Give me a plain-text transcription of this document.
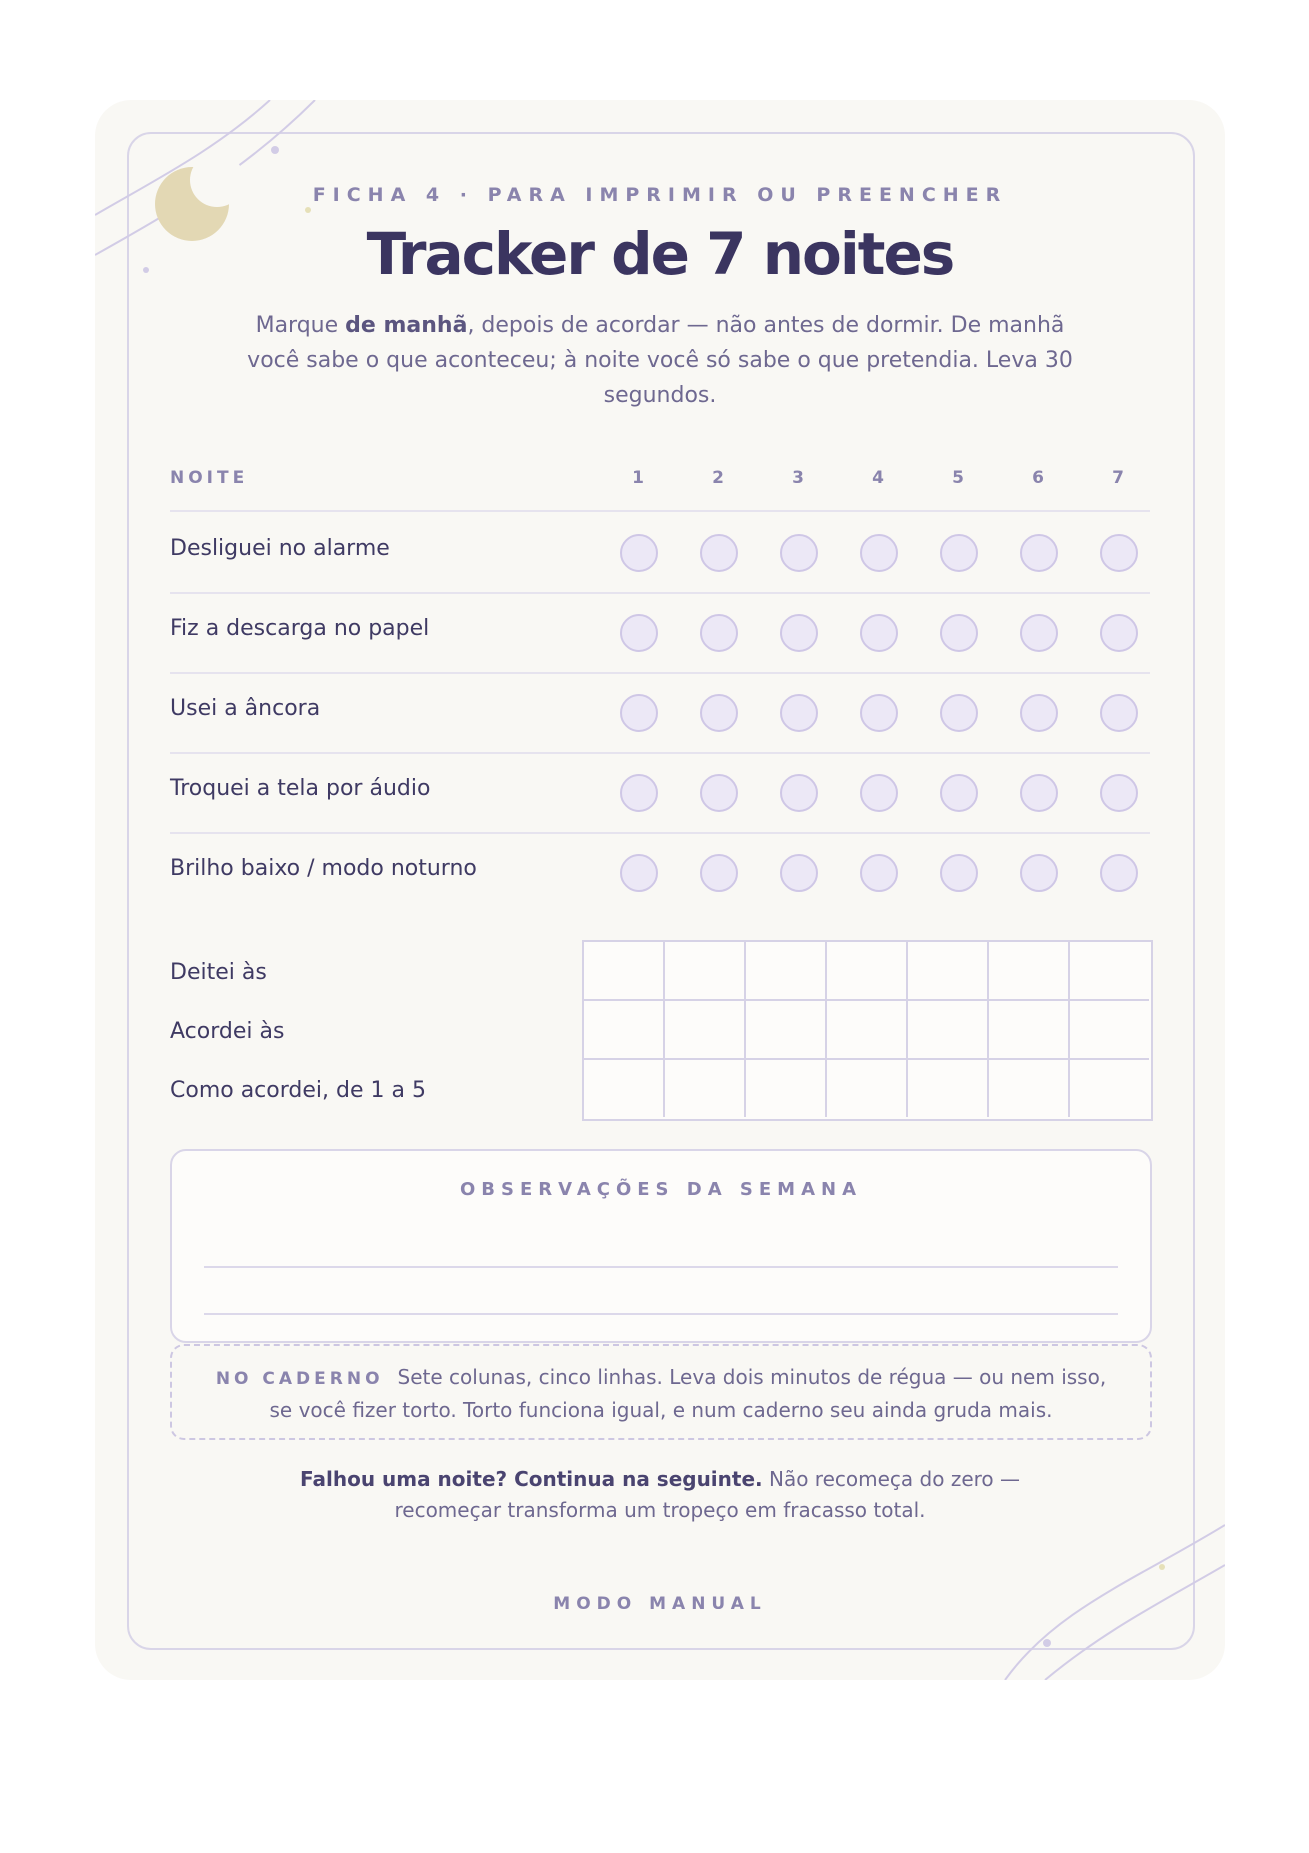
FICHA 4 · PARA IMPRIMIR OU PREENCHER
Tracker de 7 noites
Marque de manhã, depois de acordar — não antes de dormir. De manhã você sabe o que aconteceu; à noite você só sabe o que pretendia. Leva 30 segundos.
NOITE	1	2	3	4	5	6	7
Desliguei no alarme
Fiz a descarga no papel
Usei a âncora
Troquei a tela por áudio
Brilho baixo / modo noturno
Deitei às
Acordei às
Como acordei, de 1 a 5
OBSERVAÇÕES DA SEMANA
NO CADERNO Sete colunas, cinco linhas. Leva dois minutos de régua — ou nem isso, se você fizer torto. Torto funciona igual, e num caderno seu ainda gruda mais.
Falhou uma noite? Continua na seguinte. Não recomeça do zero — recomeçar transforma um tropeço em fracasso total.
MODO MANUAL
